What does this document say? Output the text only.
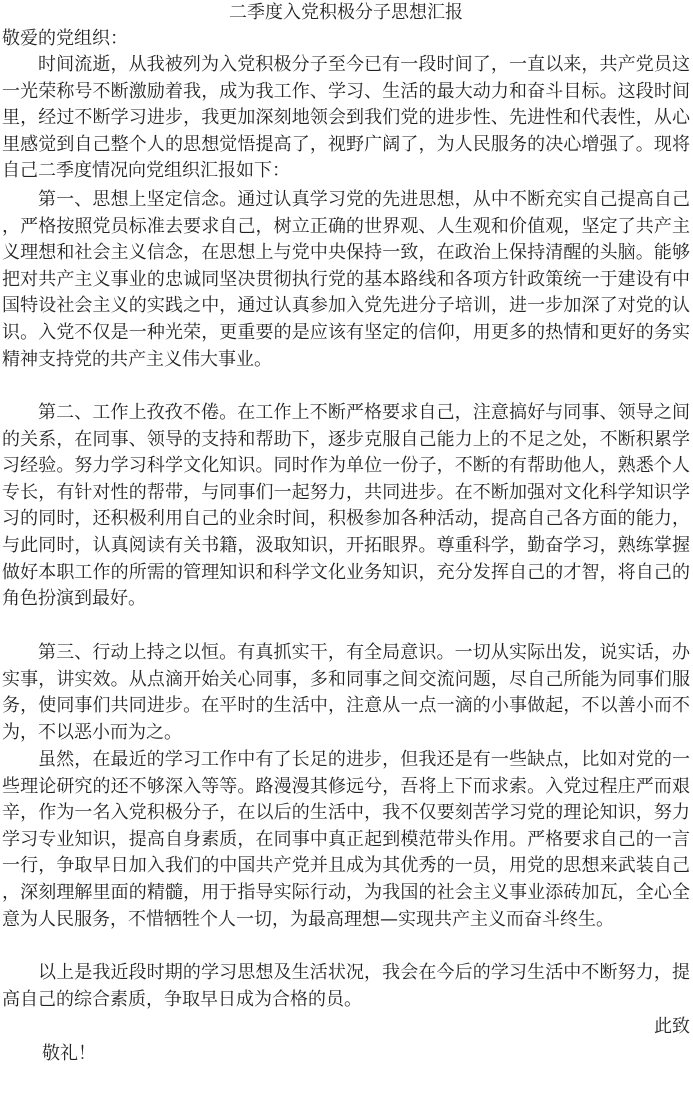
二季度入党积极分子思想汇报
敬爱的党组织：
时间流逝，从我被列为入党积极分子至今已有一段时间了，一直以来，共产党员这一光荣称号不断激励着我，成为我工作、学习、生活的最大动力和奋斗目标。这段时间里，经过不断学习进步，我更加深刻地领会到我们党的进步性、先进性和代表性，从心里感觉到自己整个人的思想觉悟提高了，视野广阔了，为人民服务的决心增强了。现将自己二季度情况向党组织汇报如下：
第一、思想上坚定信念。通过认真学习党的先进思想，从中不断充实自己提高自己，严格按照党员标准去要求自己，树立正确的世界观、人生观和价值观，坚定了共产主义理想和社会主义信念，在思想上与党中央保持一致，在政治上保持清醒的头脑。能够把对共产主义事业的忠诚同坚决贯彻执行党的基本路线和各项方针政策统一于建设有中国特设社会主义的实践之中，通过认真参加入党先进分子培训，进一步加深了对党的认识。入党不仅是一种光荣，更重要的是应该有坚定的信仰，用更多的热情和更好的务实精神支持党的共产主义伟大事业。
第二、工作上孜孜不倦。在工作上不断严格要求自己，注意搞好与同事、领导之间的关系，在同事、领导的支持和帮助下，逐步克服自己能力上的不足之处，不断积累学习经验。努力学习科学文化知识。同时作为单位一份子，不断的有帮助他人，熟悉个人专长，有针对性的帮带，与同事们一起努力，共同进步。在不断加强对文化科学知识学习的同时，还积极利用自己的业余时间，积极参加各种活动，提高自己各方面的能力，与此同时，认真阅读有关书籍，汲取知识，开拓眼界。尊重科学，勤奋学习，熟练掌握做好本职工作的所需的管理知识和科学文化业务知识，充分发挥自己的才智，将自己的角色扮演到最好。
第三、行动上持之以恒。有真抓实干，有全局意识。一切从实际出发，说实话，办实事，讲实效。从点滴开始关心同事，多和同事之间交流问题，尽自己所能为同事们服务，使同事们共同进步。在平时的生活中，注意从一点一滴的小事做起，不以善小而不为，不以恶小而为之。
虽然，在最近的学习工作中有了长足的进步，但我还是有一些缺点，比如对党的一些理论研究的还不够深入等等。路漫漫其修远兮，吾将上下而求索。入党过程庄严而艰辛，作为一名入党积极分子，在以后的生活中，我不仅要刻苦学习党的理论知识，努力学习专业知识，提高自身素质，在同事中真正起到模范带头作用。严格要求自己的一言一行，争取早日加入我们的中国共产党并且成为其优秀的一员，用党的思想来武装自己，深刻理解里面的精髓，用于指导实际行动，为我国的社会主义事业添砖加瓦，全心全意为人民服务，不惜牺牲个人一切，为最高理想—实现共产主义而奋斗终生。
以上是我近段时期的学习思想及生活状况，我会在今后的学习生活中不断努力，提高自己的综合素质，争取早日成为合格的员。
此致
敬礼！
